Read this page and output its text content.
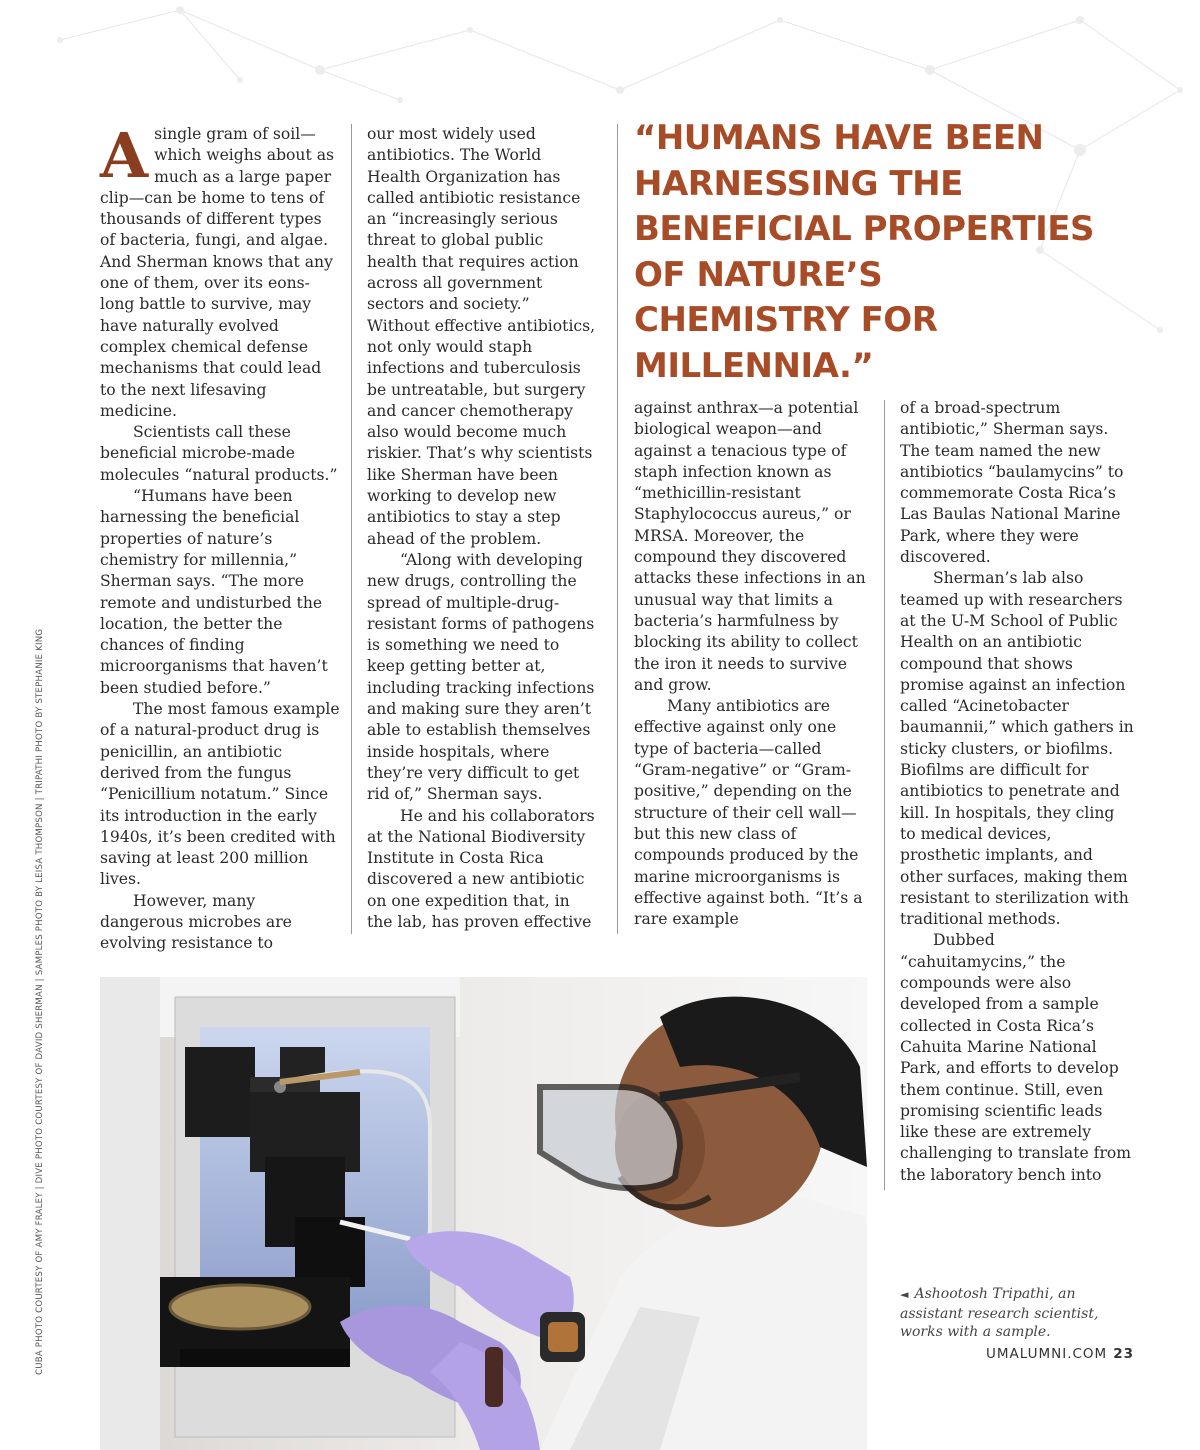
CUBA PHOTO COURTESY OF AMY FRALEY | DIVE PHOTO COURTESY OF DAVID SHERMAN | SAMPLES PHOTO BY LEISA THOMPSON | TRIPATHI PHOTO BY STEPHANIE KING
A single gram of soil—which weighs about as much as a large paper clip—can be home to tens of thousands of different types of bacteria, fungi, and algae. And Sherman knows that any one of them, over its eons-long battle to survive, may have naturally evolved complex chemical defense mechanisms that could lead to the next lifesaving medicine.

Scientists call these beneficial microbe-made molecules “natural products.”

“Humans have been harnessing the beneficial properties of nature’s chemistry for millennia,” Sherman says. “The more remote and undisturbed the location, the better the chances of finding microorganisms that haven’t been studied before.”

The most famous example of a natural-product drug is penicillin, an antibiotic derived from the fungus “Penicillium notatum.” Since its introduction in the early 1940s, it’s been credited with saving at least 200 million lives.

However, many dangerous microbes are evolving resistance to

our most widely used antibiotics. The World Health Organization has called antibiotic resistance an “increasingly serious threat to global public health that requires action across all government sectors and society.” Without effective antibiotics, not only would staph infections and tuberculosis be untreatable, but surgery and cancer chemotherapy also would become much riskier. That’s why scientists like Sherman have been working to develop new antibiotics to stay a step ahead of the problem.

“Along with developing new drugs, controlling the spread of multiple-drug-resistant forms of pathogens is something we need to keep getting better at, including tracking infections and making sure they aren’t able to establish themselves inside hospitals, where they’re very difficult to get rid of,” Sherman says.

He and his collaborators at the National Biodiversity Institute in Costa Rica discovered a new antibiotic on one expedition that, in the lab, has proven effective

“HUMANS HAVE BEEN HARNESSING THE BENEFICIAL PROPERTIES OF NATURE’S CHEMISTRY FOR MILLENNIA.”

against anthrax—a potential biological weapon—and against a tenacious type of staph infection known as “methicillin-resistant Staphylococcus aureus,” or MRSA. Moreover, the compound they discovered attacks these infections in an unusual way that limits a bacteria’s harmfulness by blocking its ability to collect the iron it needs to survive and grow.

Many antibiotics are effective against only one type of bacteria—called “Gram-negative” or “Gram-positive,” depending on the structure of their cell wall—but this new class of compounds produced by the marine microorganisms is effective against both. “It’s a rare example

of a broad-spectrum antibiotic,” Sherman says. The team named the new antibiotics “baulamycins” to commemorate Costa Rica’s Las Baulas National Marine Park, where they were discovered.

Sherman’s lab also teamed up with researchers at the U-M School of Public Health on an antibiotic compound that shows promise against an infection called “Acinetobacter baumannii,” which gathers in sticky clusters, or biofilms. Biofilms are difficult for antibiotics to penetrate and kill. In hospitals, they cling to medical devices, prosthetic implants, and other surfaces, making them resistant to sterilization with traditional methods.

Dubbed “cahuitamycins,” the compounds were also developed from a sample collected in Costa Rica’s Cahuita Marine National Park, and efforts to develop them continue. Still, even promising scientific leads like these are extremely challenging to translate from the laboratory bench into

◄ Ashootosh Tripathi, an assistant research scientist, works with a sample.
UMALUMNI.COM 23
